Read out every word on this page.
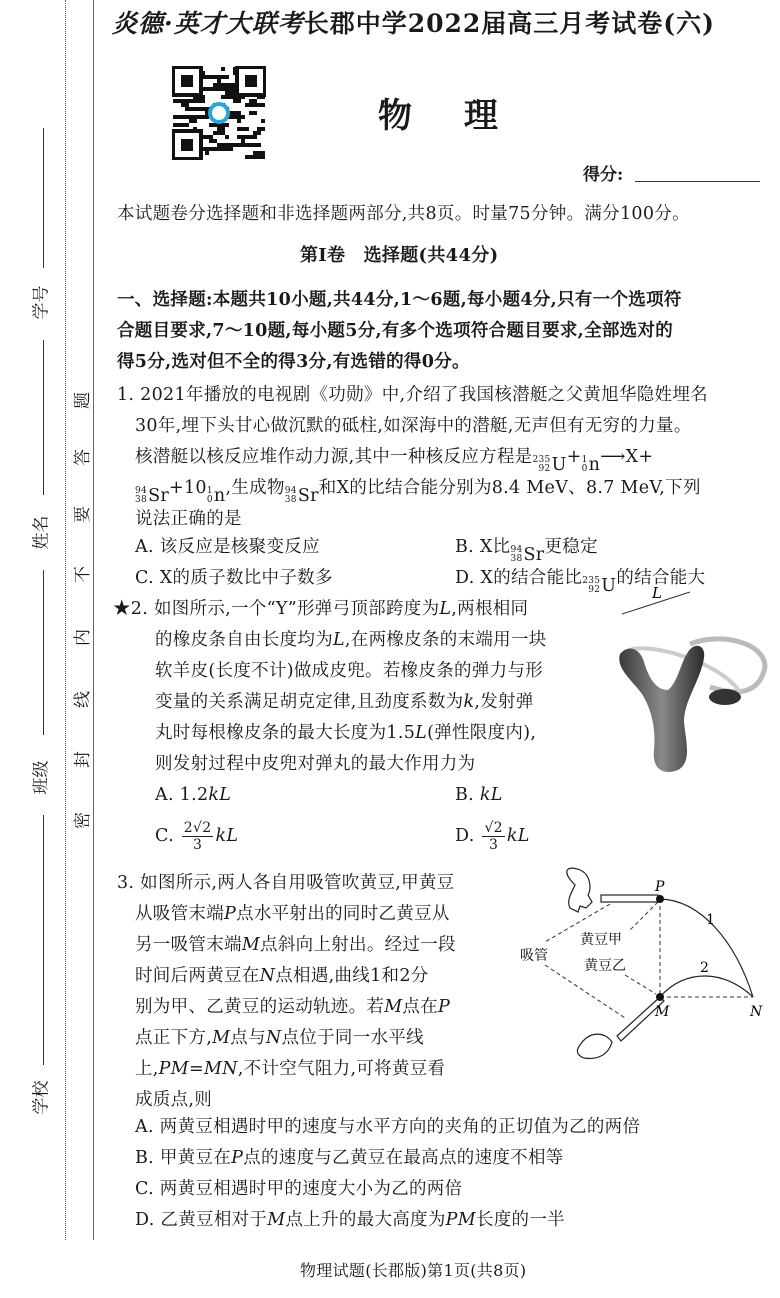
学号
姓名
班级
学校
题
答
要
不
内
线
封
密
炎德·英才大联考长郡中学2022届高三月考试卷(六)
物 理
得分:
本试题卷分选择题和非选择题两部分,共8页。时量75分钟。满分100分。
第Ⅰ卷　选择题(共44分)
一、选择题:本题共10小题,共44分,1～6题,每小题4分,只有一个选项符
合题目要求,7～10题,每小题5分,有多个选项符合题目要求,全部选对的
得5分,选对但不全的得3分,有选错的得0分。
1. 2021年播放的电视剧《功勋》中,介绍了我国核潜艇之父黄旭华隐姓埋名
30年,埋下头甘心做沉默的砥柱,如深海中的潜艇,无声但有无穷的力量。
核潜艇以核反应堆作动力源,其中一种核反应方程是 235
92 U + 1
0 n ⟶X+
94
38 Sr +10 1
0 n ,生成物 94
38 Sr 和X的比结合能分别为8.4 MeV、8.7 MeV,下列
说法正确的是
A. 该反应是核聚变反应	B. X比 94
38 Sr 更稳定
C. X的质子数比中子数多	D. X的结合能比 235
92 U 的结合能大
★2. 如图所示,一个“Y”形弹弓顶部跨度为L,两根相同
的橡皮条自由长度均为L,在两橡皮条的末端用一块
软羊皮(长度不计)做成皮兜。若橡皮条的弹力与形
变量的关系满足胡克定律,且劲度系数为k,发射弹
丸时每根橡皮条的最大长度为1.5L(弹性限度内),
则发射过程中皮兜对弹丸的最大作用力为
A. 1.2kL	B. kL
C. $\frac{2√2}{3}$ kL	D. $\frac{√2}{3}$ kL
3. 如图所示,两人各自用吸管吹黄豆,甲黄豆
从吸管末端P点水平射出的同时乙黄豆从
另一吸管末端M点斜向上射出。经过一段
时间后两黄豆在N点相遇,曲线1和2分
别为甲、乙黄豆的运动轨迹。若M点在P
点正下方,M点与N点位于同一水平线
上,PM=MN,不计空气阻力,可将黄豆看
成质点,则
A. 两黄豆相遇时甲的速度与水平方向的夹角的正切值为乙的两倍
B. 甲黄豆在P点的速度与乙黄豆在最高点的速度不相等
C. 两黄豆相遇时甲的速度大小为乙的两倍
D. 乙黄豆相对于M点上升的最大高度为PM长度的一半
L
P
M	N
1
2
吸管
黄豆甲
黄豆乙
物理试题(长郡版)第1页(共8页)
